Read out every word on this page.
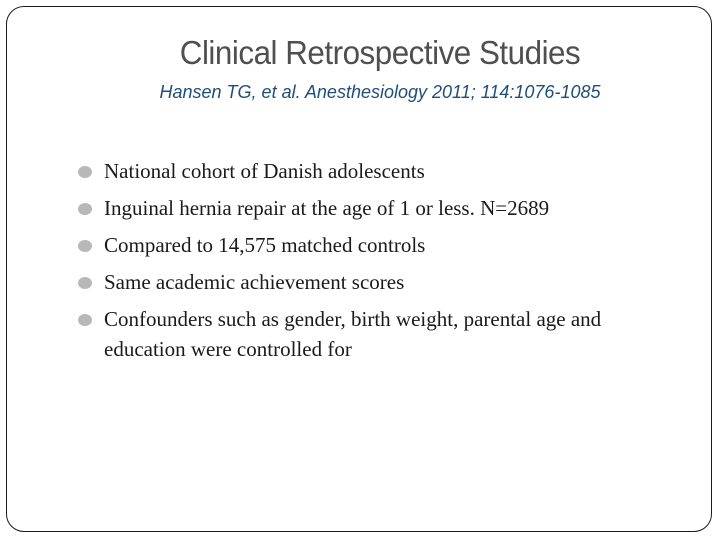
Clinical Retrospective Studies
Hansen TG, et al. Anesthesiology 2011; 114:1076-1085
National cohort of Danish adolescents
Inguinal hernia repair at the age of 1 or less. N=2689
Compared to 14,575 matched controls
Same academic achievement scores
Confounders such as gender, birth weight, parental age and education were controlled for
